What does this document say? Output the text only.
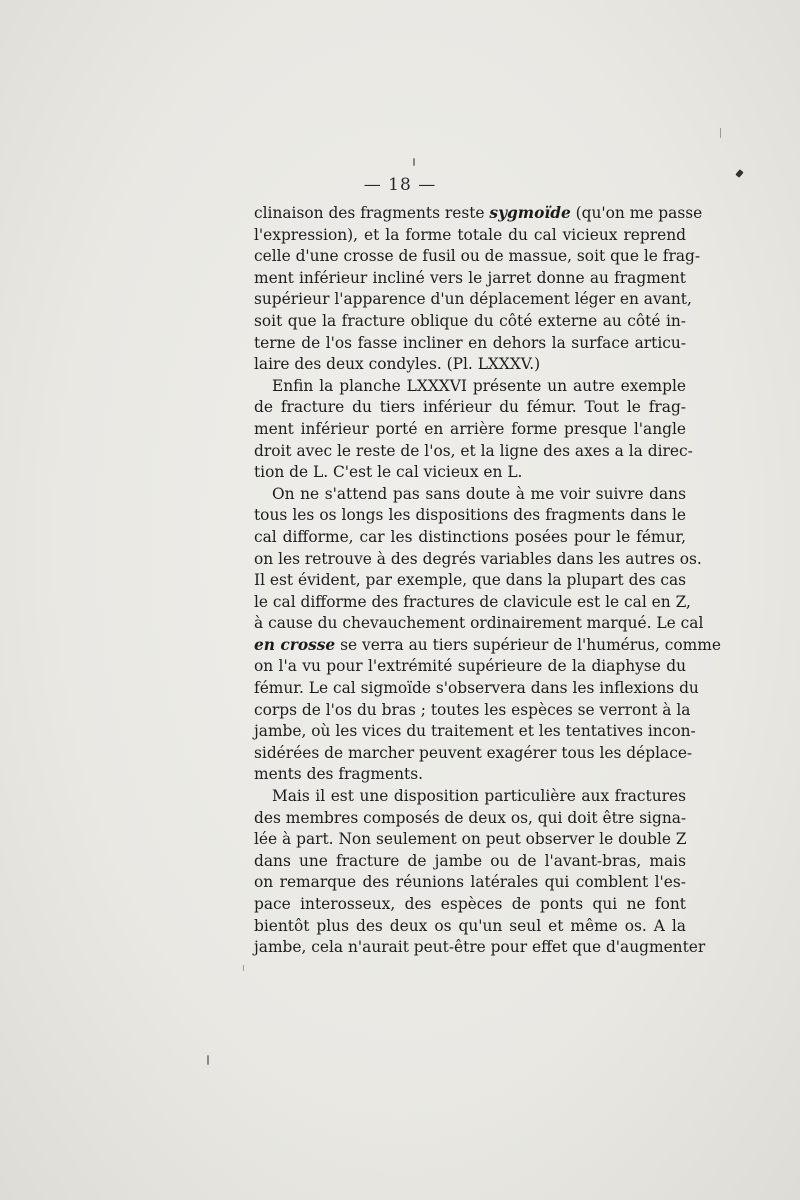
— 18 —
clinaison des fragments reste sygmoïde (qu'on me passe
l'expression), et la forme totale du cal vicieux reprend
celle d'une crosse de fusil ou de massue, soit que le frag-
ment inférieur incliné vers le jarret donne au fragment
supérieur l'apparence d'un déplacement léger en avant,
soit que la fracture oblique du côté externe au côté in-
terne de l'os fasse incliner en dehors la surface articu-
laire des deux condyles. (Pl. LXXXV.)
Enfin la planche LXXXVI présente un autre exemple
de fracture du tiers inférieur du fémur. Tout le frag-
ment inférieur porté en arrière forme presque l'angle
droit avec le reste de l'os, et la ligne des axes a la direc-
tion de L. C'est le cal vicieux en L.
On ne s'attend pas sans doute à me voir suivre dans
tous les os longs les dispositions des fragments dans le
cal difforme, car les distinctions posées pour le fémur,
on les retrouve à des degrés variables dans les autres os.
Il est évident, par exemple, que dans la plupart des cas
le cal difforme des fractures de clavicule est le cal en Z,
à cause du chevauchement ordinairement marqué. Le cal
en crosse se verra au tiers supérieur de l'humérus, comme
on l'a vu pour l'extrémité supérieure de la diaphyse du
fémur. Le cal sigmoïde s'observera dans les inflexions du
corps de l'os du bras ; toutes les espèces se verront à la
jambe, où les vices du traitement et les tentatives incon-
sidérées de marcher peuvent exagérer tous les déplace-
ments des fragments.
Mais il est une disposition particulière aux fractures
des membres composés de deux os, qui doit être signa-
lée à part. Non seulement on peut observer le double Z
dans une fracture de jambe ou de l'avant-bras, mais
on remarque des réunions latérales qui comblent l'es-
pace interosseux, des espèces de ponts qui ne font
bientôt plus des deux os qu'un seul et même os. A la
jambe, cela n'aurait peut-être pour effet que d'augmenter
